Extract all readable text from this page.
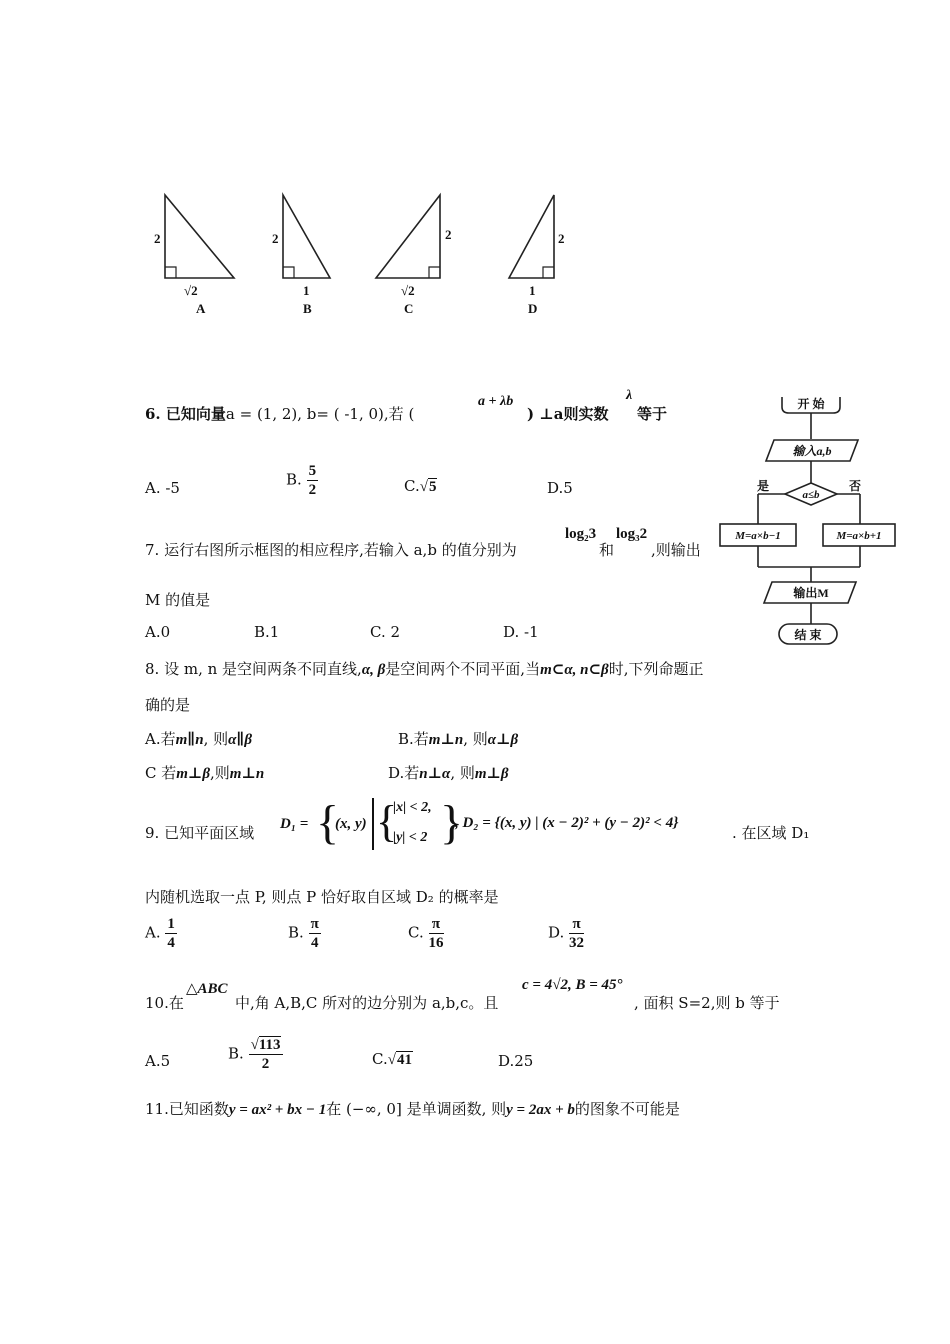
2
√2
A
2
1
B
2
√2
C
2
1
D
开 始
输入a,b
a≤b
是	否
M=a×b−1	M=a×b+1
输出M
结 束
6. 已知向量a = (1, 2), b= ( -1, 0),若 (
a + λb
) ⊥a则实数
λ
等于
A. -5	B. $\frac{5}{2}$	C.√5	D.5
7. 运行右图所示框图的相应程序,若输入 a,b 的值分别为
log₂3
和
log₃2
,则输出
M 的值是
A.0	B.1	C. 2	D. -1
8. 设 m, n 是空间两条不同直线,α, β是空间两个不同平面,当m⊂α, n⊂β时,下列命题正
确的是
A.若m∥n, 则α∥β	B.若m⊥n, 则α⊥β
C 若m⊥β,则m⊥n	D.若n⊥α, 则m⊥β
9. 已知平面区域 D₁ = {
(x, y) {
|x| < 2,
|y| < 2 }
, D₂ = {(x, y) | (x − 2)² + (y − 2)² < 4}
. 在区域 D₁
内随机选取一点 P, 则点 P 恰好取自区域 D₂ 的概率是
A. $\frac{1}{4}$	B. $\frac{\pi}{4}$	C. $\frac{\pi}{16}$	D. $\frac{\pi}{32}$
10.在
△ABC
中,角 A,B,C 所对的边分别为 a,b,c。且
c = 4√2, B = 45°
, 面积 S=2,则 b 等于
A.5	B. $\frac{√113}{2}$	C.√41	D.25
11.已知函数y = ax² + bx − 1在 (−∞, 0] 是单调函数, 则y = 2ax + b的图象不可能是
